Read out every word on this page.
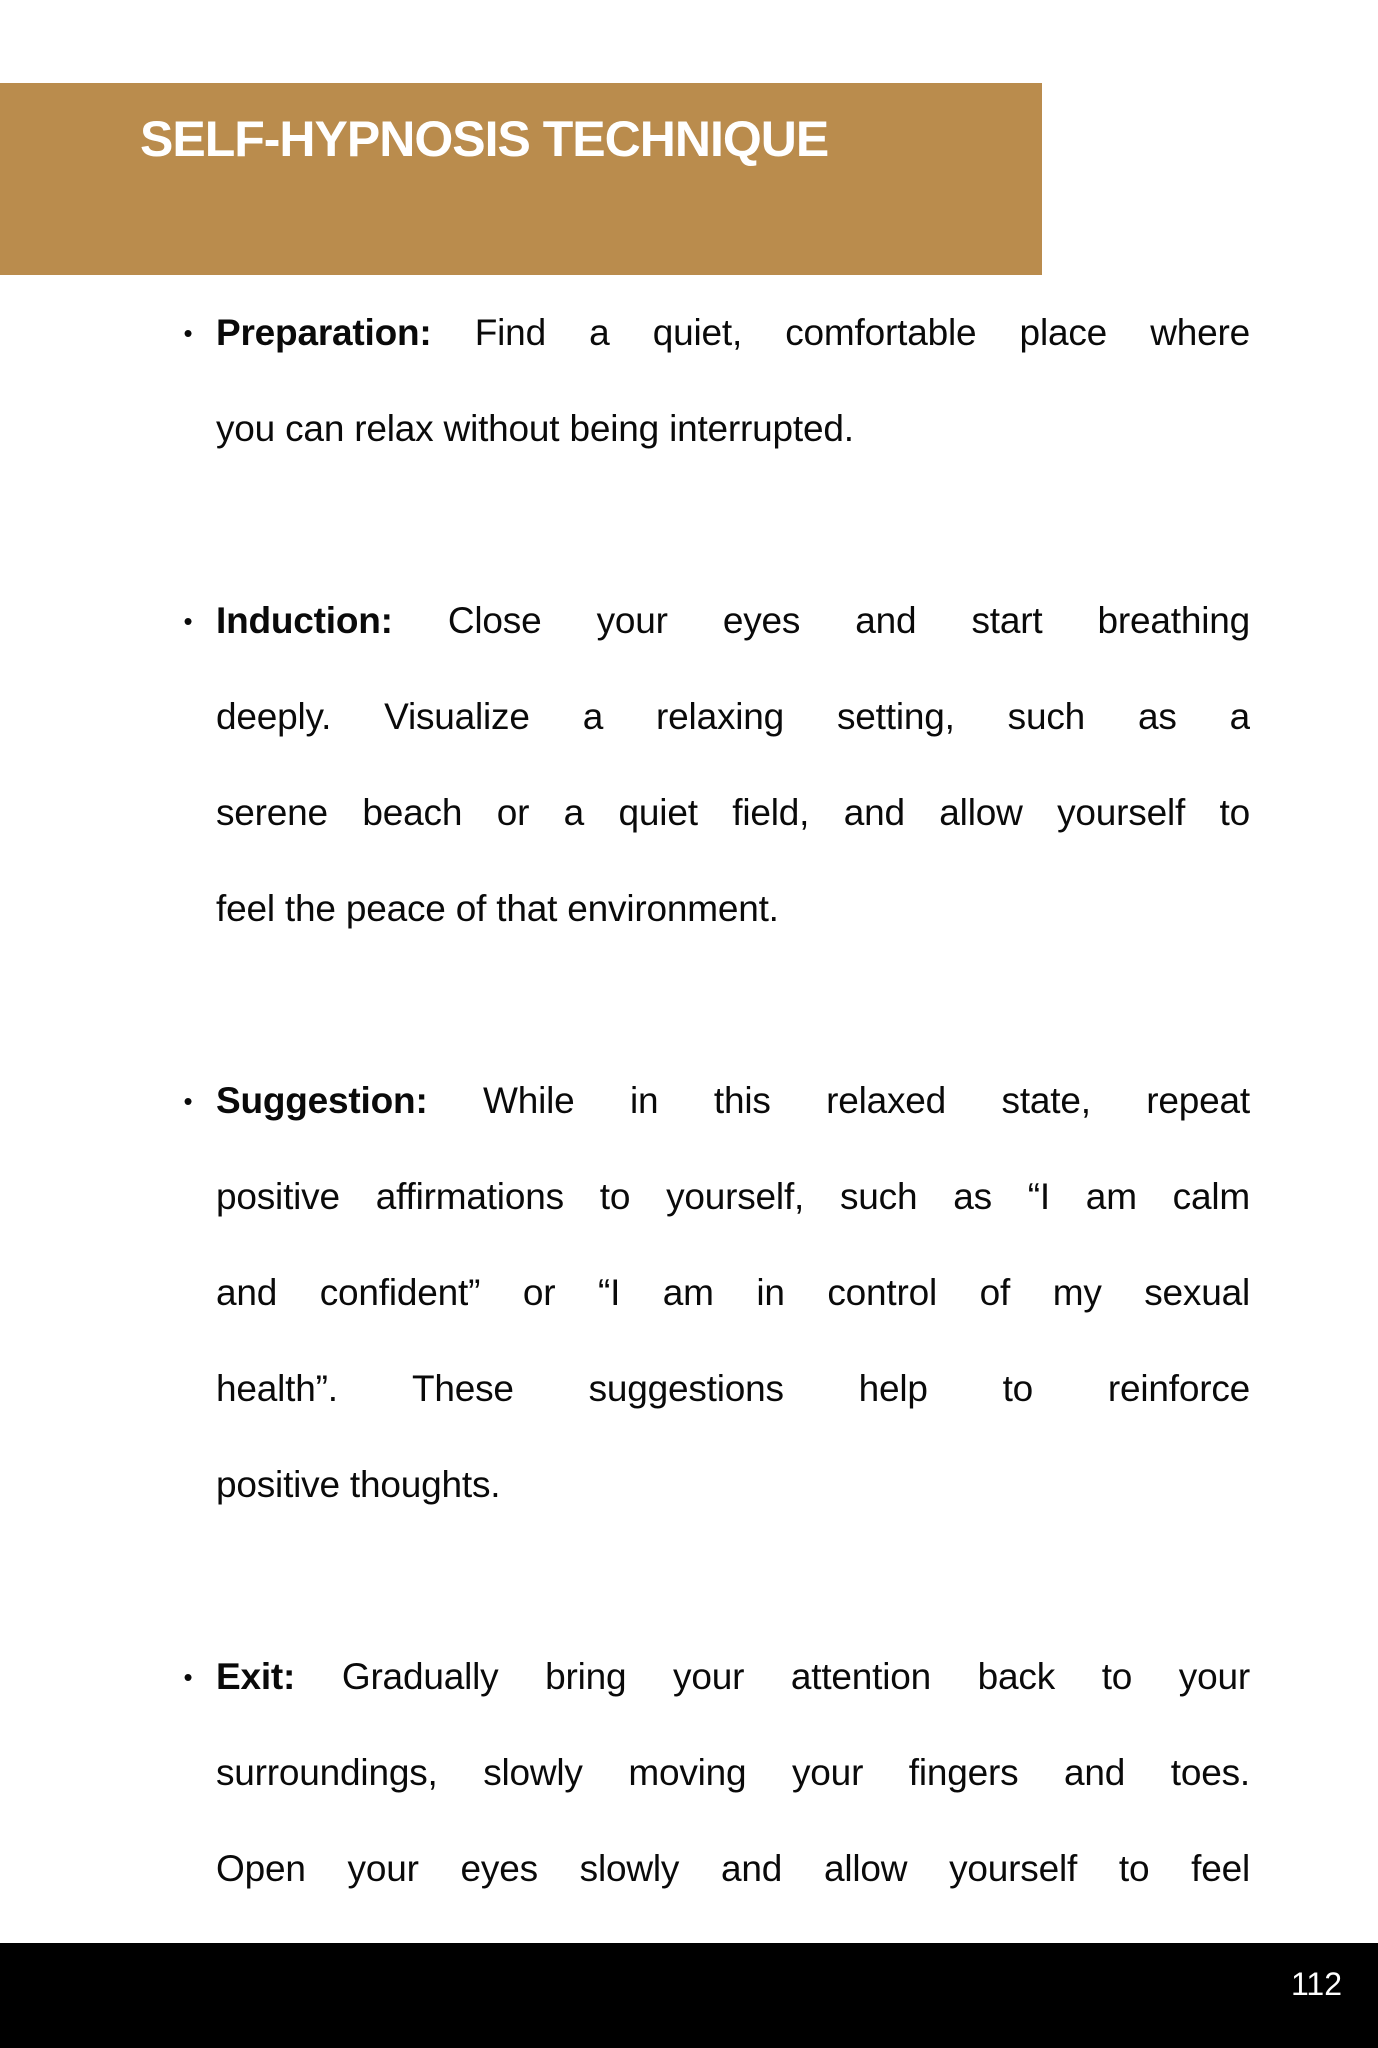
SELF-HYPNOSIS TECHNIQUE
• Preparation: Find a quiet, comfortable place where
you can relax without being interrupted.
• Induction: Close your eyes and start breathing
deeply. Visualize a relaxing setting, such as a
serene beach or a quiet field, and allow yourself to
feel the peace of that environment.
• Suggestion: While in this relaxed state, repeat
positive affirmations to yourself, such as “I am calm
and confident” or “I am in control of my sexual
health”. These suggestions help to reinforce
positive thoughts.
• Exit: Gradually bring your attention back to your
surroundings, slowly moving your fingers and toes.
Open your eyes slowly and allow yourself to feel
112
